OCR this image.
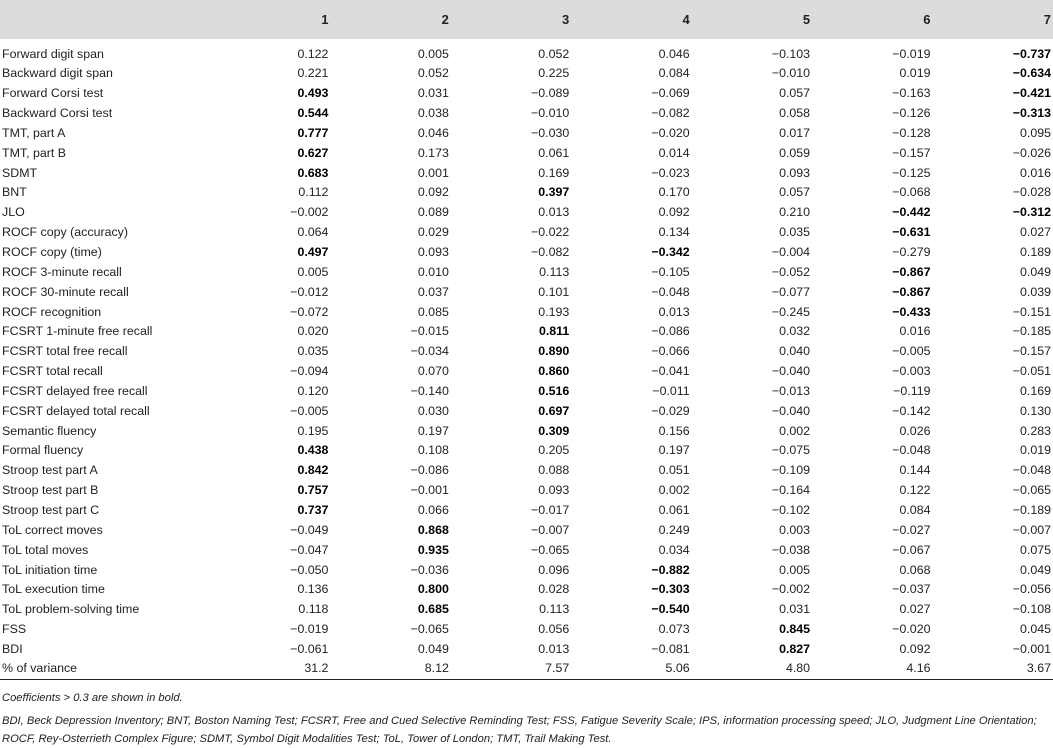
	1	2	3	4	5	6	7
Forward digit span	0.122	0.005	0.052	0.046	−0.103	−0.019	−0.737
Backward digit span	0.221	0.052	0.225	0.084	−0.010	0.019	−0.634
Forward Corsi test	0.493	0.031	−0.089	−0.069	0.057	−0.163	−0.421
Backward Corsi test	0.544	0.038	−0.010	−0.082	0.058	−0.126	−0.313
TMT, part A	0.777	0.046	−0.030	−0.020	0.017	−0.128	0.095
TMT, part B	0.627	0.173	0.061	0.014	0.059	−0.157	−0.026
SDMT	0.683	0.001	0.169	−0.023	0.093	−0.125	0.016
BNT	0.112	0.092	0.397	0.170	0.057	−0.068	−0.028
JLO	−0.002	0.089	0.013	0.092	0.210	−0.442	−0.312
ROCF copy (accuracy)	0.064	0.029	−0.022	0.134	0.035	−0.631	0.027
ROCF copy (time)	0.497	0.093	−0.082	−0.342	−0.004	−0.279	0.189
ROCF 3-minute recall	0.005	0.010	0.113	−0.105	−0.052	−0.867	0.049
ROCF 30-minute recall	−0.012	0.037	0.101	−0.048	−0.077	−0.867	0.039
ROCF recognition	−0.072	0.085	0.193	0.013	−0.245	−0.433	−0.151
FCSRT 1-minute free recall	0.020	−0.015	0.811	−0.086	0.032	0.016	−0.185
FCSRT total free recall	0.035	−0.034	0.890	−0.066	0.040	−0.005	−0.157
FCSRT total recall	−0.094	0.070	0.860	−0.041	−0.040	−0.003	−0.051
FCSRT delayed free recall	0.120	−0.140	0.516	−0.011	−0.013	−0.119	0.169
FCSRT delayed total recall	−0.005	0.030	0.697	−0.029	−0.040	−0.142	0.130
Semantic fluency	0.195	0.197	0.309	0.156	0.002	0.026	0.283
Formal fluency	0.438	0.108	0.205	0.197	−0.075	−0.048	0.019
Stroop test part A	0.842	−0.086	0.088	0.051	−0.109	0.144	−0.048
Stroop test part B	0.757	−0.001	0.093	0.002	−0.164	0.122	−0.065
Stroop test part C	0.737	0.066	−0.017	0.061	−0.102	0.084	−0.189
ToL correct moves	−0.049	0.868	−0.007	0.249	0.003	−0.027	−0.007
ToL total moves	−0.047	0.935	−0.065	0.034	−0.038	−0.067	0.075
ToL initiation time	−0.050	−0.036	0.096	−0.882	0.005	0.068	0.049
ToL execution time	0.136	0.800	0.028	−0.303	−0.002	−0.037	−0.056
ToL problem-solving time	0.118	0.685	0.113	−0.540	0.031	0.027	−0.108
FSS	−0.019	−0.065	0.056	0.073	0.845	−0.020	0.045
BDI	−0.061	0.049	0.013	−0.081	0.827	0.092	−0.001
% of variance	31.2	8.12	7.57	5.06	4.80	4.16	3.67

Coefficients > 0.3 are shown in bold.

BDI, Beck Depression Inventory; BNT, Boston Naming Test; FCSRT, Free and Cued Selective Reminding Test; FSS, Fatigue Severity Scale; IPS, information processing speed; JLO, Judgment Line Orientation; ROCF, Rey-Osterrieth Complex Figure; SDMT, Symbol Digit Modalities Test; ToL, Tower of London; TMT, Trail Making Test.
